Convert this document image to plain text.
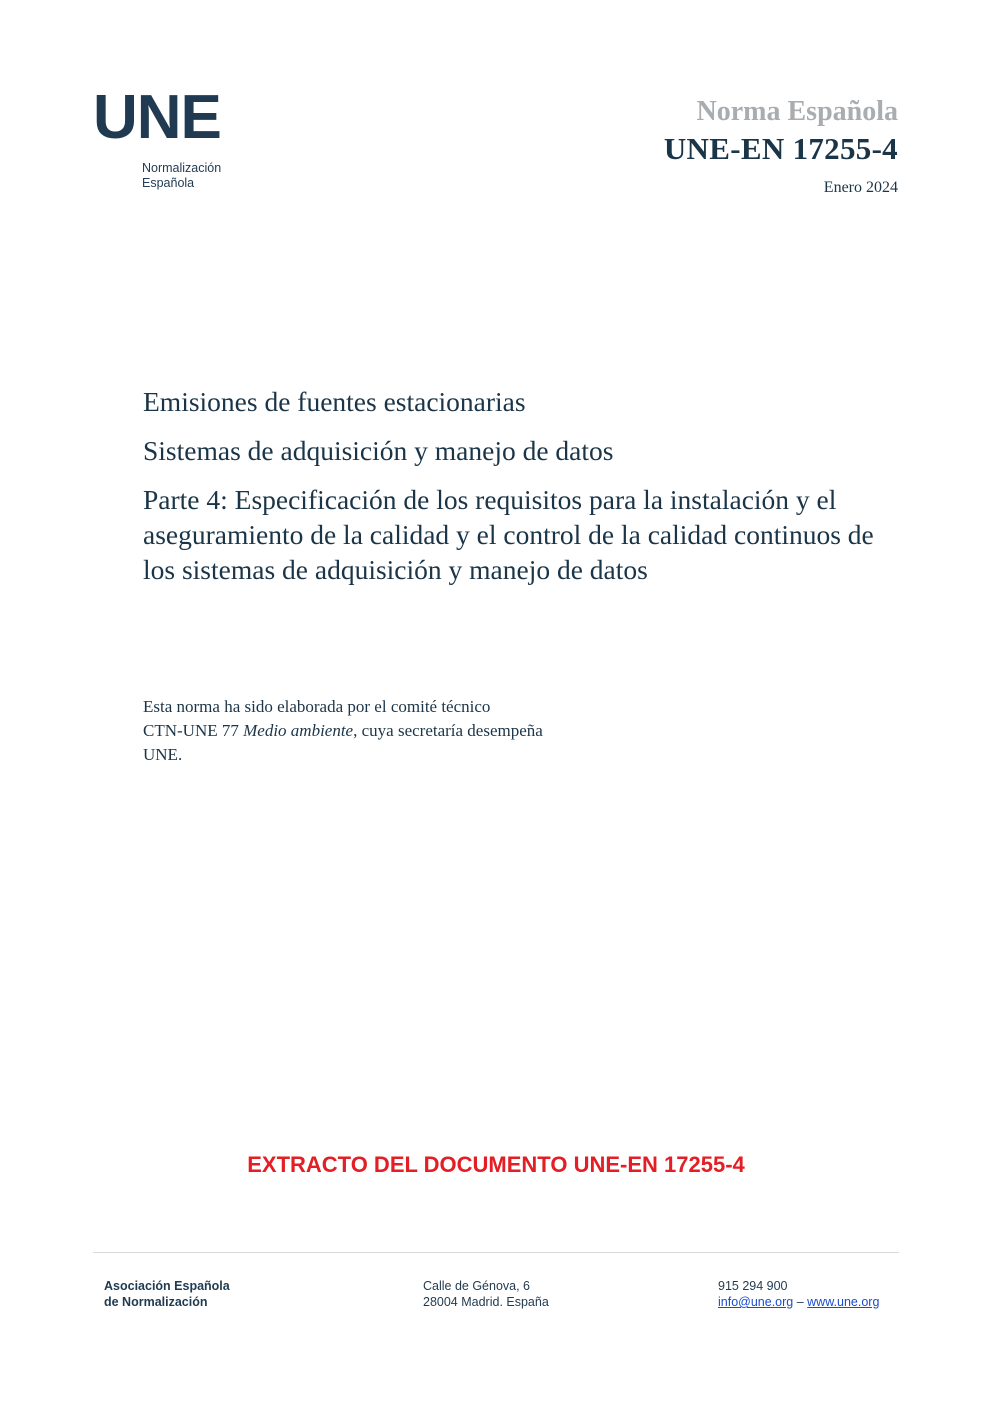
UNE
Normalización
Española
Norma Española
UNE-EN 17255-4
Enero 2024

Emisiones de fuentes estacionarias

Sistemas de adquisición y manejo de datos

Parte 4: Especificación de los requisitos para la instalación y el aseguramiento de la calidad y el control de la calidad continuos de los sistemas de adquisición y manejo de datos

Esta norma ha sido elaborada por el comité técnico
CTN-UNE 77 Medio ambiente, cuya secretaría desempeña
UNE.
EXTRACTO DEL DOCUMENTO UNE-EN 17255-4
Asociación Española
de Normalización
Calle de Génova, 6
28004 Madrid. España
915 294 900
info@une.org – www.une.org
